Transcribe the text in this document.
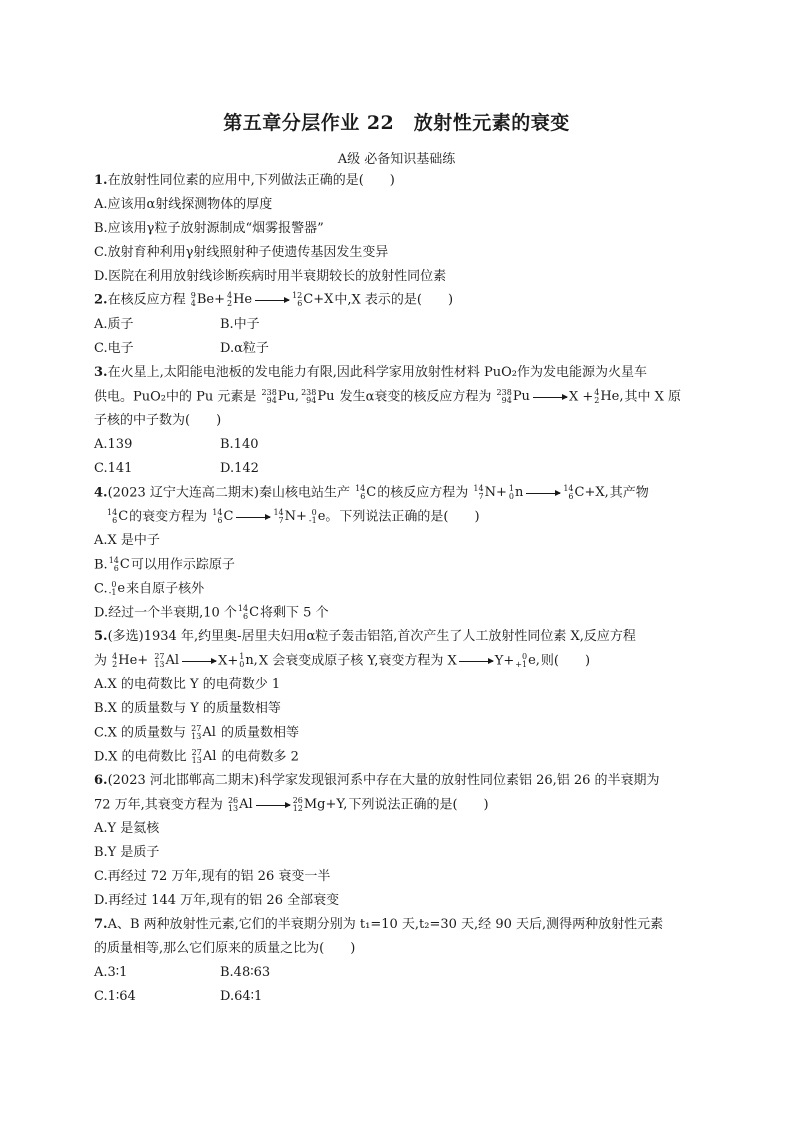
第五章分层作业 22　放射性元素的衰变
A级 必备知识基础练
1.在放射性同位素的应用中,下列做法正确的是(　　)
A.应该用α射线探测物体的厚度
B.应该用γ粒子放射源制成“烟雾报警器”
C.放射育种利用γ射线照射种子使遗传基因发生变异
D.医院在利用放射线诊断疾病时用半衰期较长的放射性同位素
2.在核反应方程 9
4 Be+ 4
2 He → 12
6 C+X 中,X 表示的是(　　)
A.质子	B.中子
C.电子	D.α粒子
3.在火星上,太阳能电池板的发电能力有限,因此科学家用放射性材料 PuO₂作为发电能源为火星车
供电。PuO₂中的 Pu 元素是 238
94 Pu, 238
94 Pu 发生α衰变的核反应方程为 238
94 Pu → X + 4
2 He, 其中 X 原
子核的中子数为(　　)
A.139	B.140
C.141	D.142
4.(2023 辽宁大连高二期末)秦山核电站生产 14
6 C 的核反应方程为 14
7 N+ 1
0 n → 14
6 C+X, 其产物
14
6 C 的衰变方程为 14
6 C → 14
7 N+ 0
-1 e。 下列说法正确的是(　　)
A.X 是中子
B. 14
6 C 可以用作示踪原子
C. 0
-1 e 来自原子核外
D.经过一个半衰期,10 个 14
6 C 将剩下 5 个
5.(多选)1934 年,约里奥-居里夫妇用α粒子轰击铝箔,首次产生了人工放射性同位素 X,反应方程
为 4
2 He+
27
13 Al → X+ 1
0 n, X 会衰变成原子核 Y,衰变方程为 X → Y+ 0
+1 e, 则(　　)
A.X 的电荷数比 Y 的电荷数少 1
B.X 的质量数与 Y 的质量数相等
C.X 的质量数与 27
13 Al 的质量数相等
D.X 的电荷数比 27
13 Al 的电荷数多 2
6.(2023 河北邯郸高二期末)科学家发现银河系中存在大量的放射性同位素铝 26,铝 26 的半衰期为
72 万年,其衰变方程为 26
13 Al → 26
12 Mg+Y, 下列说法正确的是(　　)
A.Y 是氦核
B.Y 是质子
C.再经过 72 万年,现有的铝 26 衰变一半
D.再经过 144 万年,现有的铝 26 全部衰变
7.A、B 两种放射性元素,它们的半衰期分别为 t₁=10 天,t₂=30 天,经 90 天后,测得两种放射性元素
的质量相等,那么它们原来的质量之比为(　　)
A.3∶1	B.48∶63
C.1∶64	D.64∶1
